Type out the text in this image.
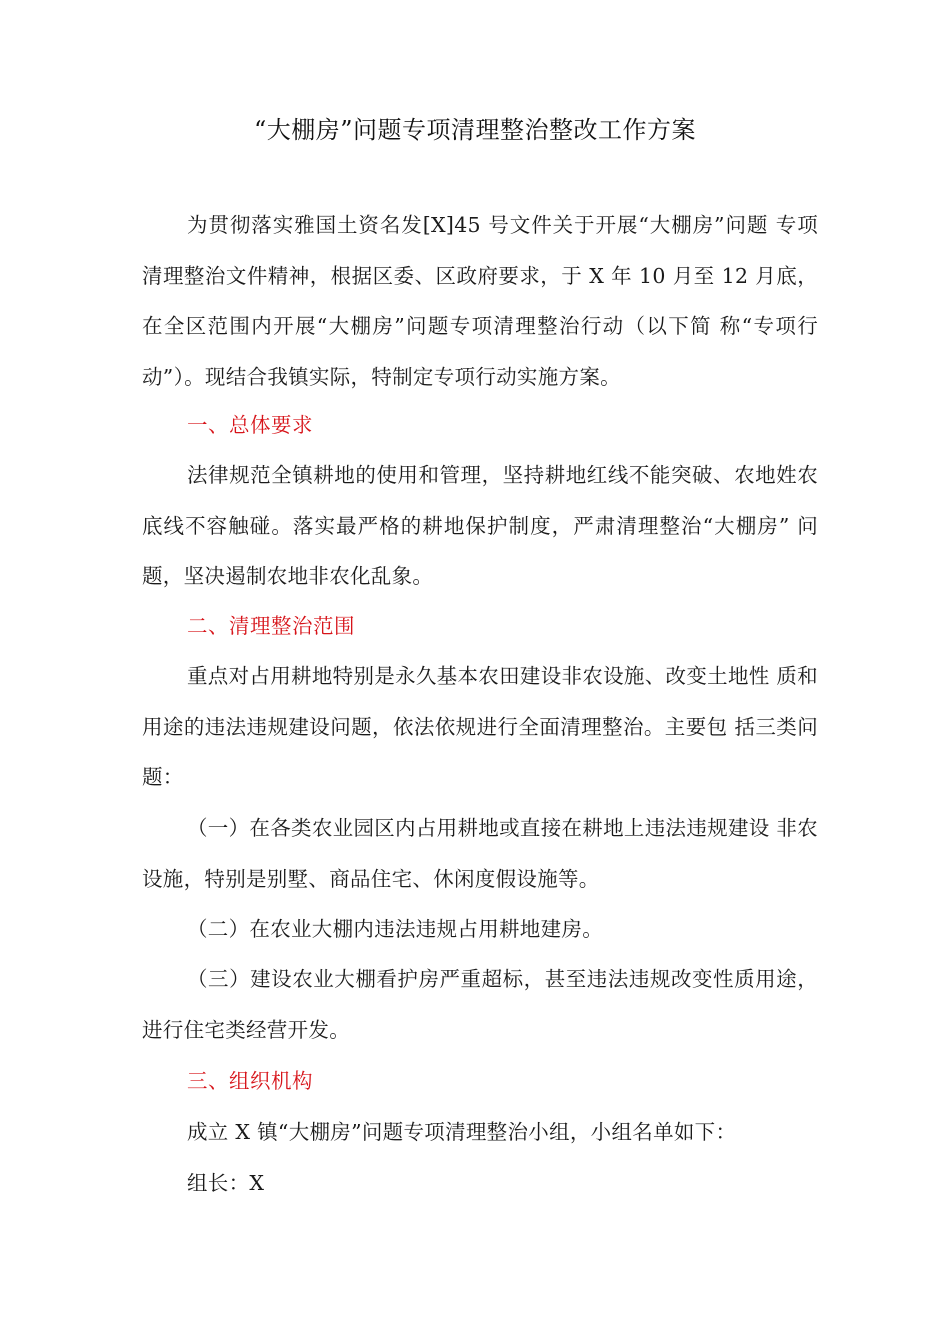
“大棚房”问题专项清理整治整改工作方案
为贯彻落实雅国土资名发[X]45 号文件关于开展“大棚房”问题 专项清理整治文件精神，根据区委、区政府要求，于 X 年 10 月至 12 月底，在全区范围内开展“大棚房”问题专项清理整治行动（以下简 称“专项行动”）。现结合我镇实际，特制定专项行动实施方案。
一、总体要求
法律规范全镇耕地的使用和管理，坚持耕地红线不能突破、农地姓农 底线不容触碰。落实最严格的耕地保护制度，严肃清理整治“大棚房” 问题，坚决遏制农地非农化乱象。
二、清理整治范围
重点对占用耕地特别是永久基本农田建设非农设施、改变土地性 质和用途的违法违规建设问题，依法依规进行全面清理整治。主要包 括三类问题：
（一）在各类农业园区内占用耕地或直接在耕地上违法违规建设 非农设施，特别是别墅、商品住宅、休闲度假设施等。
（二）在农业大棚内违法违规占用耕地建房。
（三）建设农业大棚看护房严重超标，甚至违法违规改变性质用途，进行住宅类经营开发。
三、组织机构
成立 X 镇“大棚房”问题专项清理整治小组，小组名单如下：
组长：X
